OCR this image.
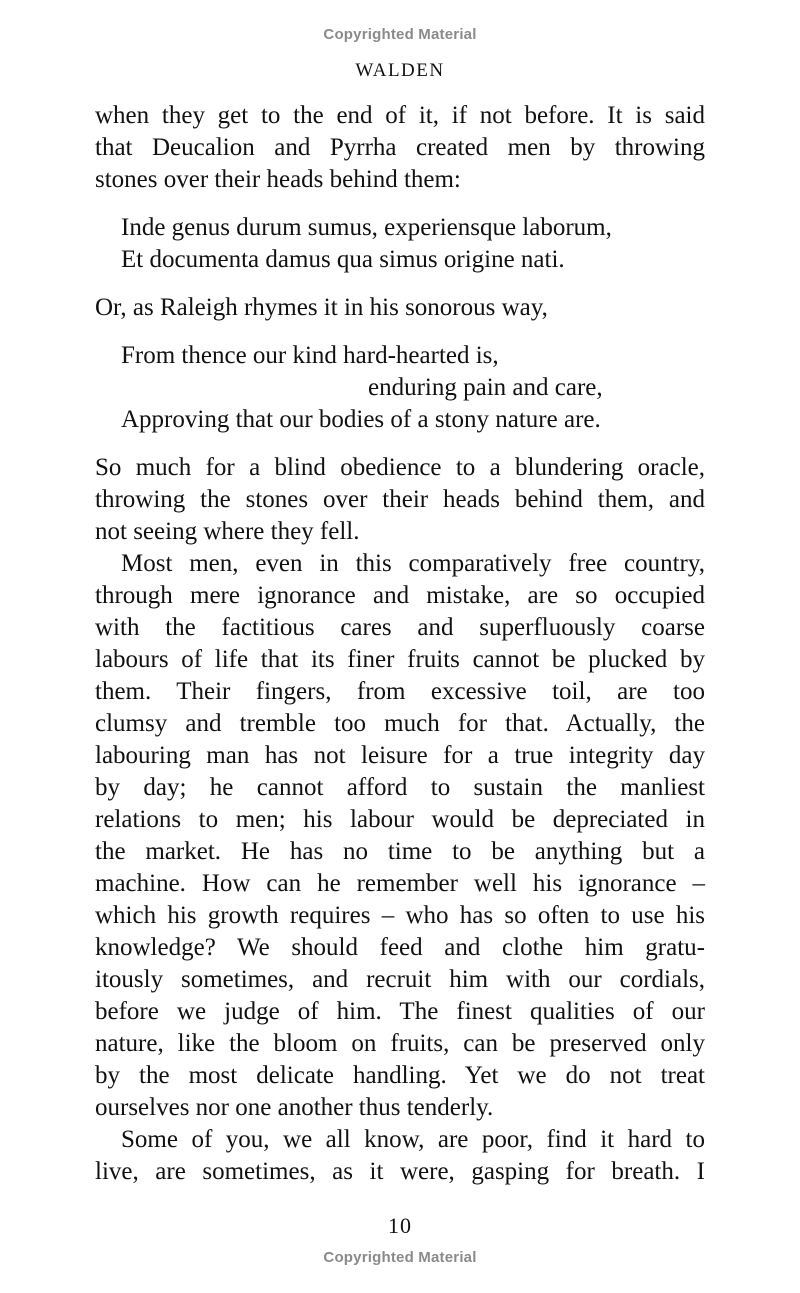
Copyrighted Material
WALDEN
when they get to the end of it, if not before. It is said
that Deucalion and Pyrrha created men by throwing
stones over their heads behind them:
Inde genus durum sumus, experiensque laborum,
Et documenta damus qua simus origine nati.
Or, as Raleigh rhymes it in his sonorous way,
From thence our kind hard-hearted is,
enduring pain and care,
Approving that our bodies of a stony nature are.
So much for a blind obedience to a blundering oracle,
throwing the stones over their heads behind them, and
not seeing where they fell.
Most men, even in this comparatively free country,
through mere ignorance and mistake, are so occupied
with the factitious cares and superfluously coarse
labours of life that its finer fruits cannot be plucked by
them. Their fingers, from excessive toil, are too
clumsy and tremble too much for that. Actually, the
labouring man has not leisure for a true integrity day
by day; he cannot afford to sustain the manliest
relations to men; his labour would be depreciated in
the market. He has no time to be anything but a
machine. How can he remember well his ignorance –
which his growth requires – who has so often to use his
knowledge? We should feed and clothe him gratu-
itously sometimes, and recruit him with our cordials,
before we judge of him. The finest qualities of our
nature, like the bloom on fruits, can be preserved only
by the most delicate handling. Yet we do not treat
ourselves nor one another thus tenderly.
Some of you, we all know, are poor, find it hard to
live, are sometimes, as it were, gasping for breath. I
10
Copyrighted Material
